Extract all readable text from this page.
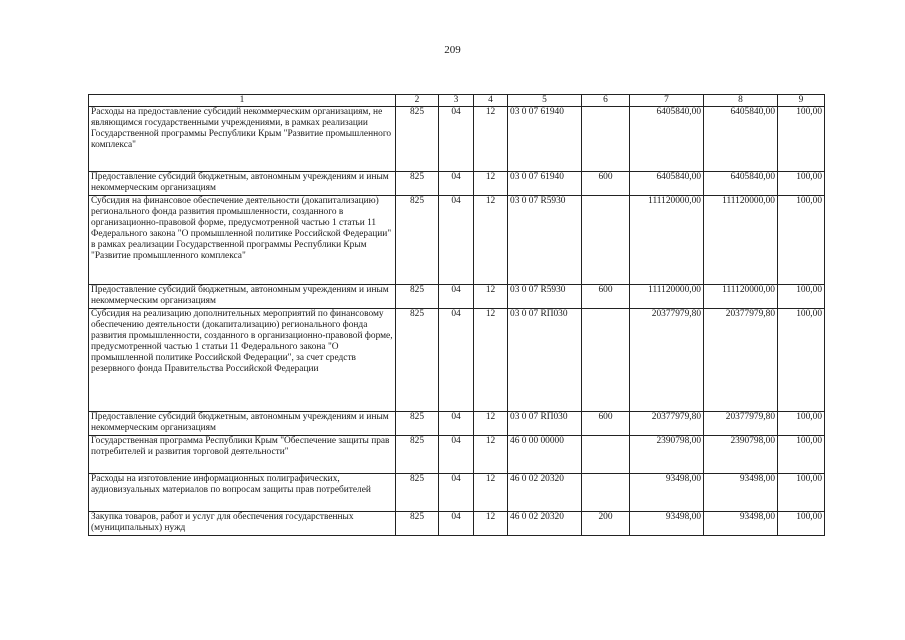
209
1	2	3	4	5	6	7	8	9
Расходы на предоставление субсидий некоммерческим организациям, не являющимся государственными учреждениями, в рамках реализации Государственной программы Республики Крым "Развитие промышленного комплекса"	825	04	12	03 0 07 61940		6405840,00	6405840,00	100,00
Предоставление субсидий бюджетным, автономным учреждениям и иным некоммерческим организациям	825	04	12	03 0 07 61940	600	6405840,00	6405840,00	100,00
Субсидия на финансовое обеспечение деятельности (докапитализацию) регионального фонда развития промышленности, созданного в организационно-правовой форме, предусмотренной частью 1 статьи 11 Федерального закона "О промышленной политике Российской Федерации" в рамках реализации Государственной программы Республики Крым "Развитие промышленного комплекса"	825	04	12	03 0 07 R5930		111120000,00	111120000,00	100,00
Предоставление субсидий бюджетным, автономным учреждениям и иным некоммерческим организациям	825	04	12	03 0 07 R5930	600	111120000,00	111120000,00	100,00
Субсидия на реализацию дополнительных мероприятий по финансовому обеспечению деятельности (докапитализацию) регионального фонда развития промышленности, созданного в организационно-правовой форме, предусмотренной частью 1 статьи 11 Федерального закона "О промышленной политике Российской Федерации", за счет средств резервного фонда Правительства Российской Федерации	825	04	12	03 0 07 RП030		20377979,80	20377979,80	100,00
Предоставление субсидий бюджетным, автономным учреждениям и иным некоммерческим организациям	825	04	12	03 0 07 RП030	600	20377979,80	20377979,80	100,00
Государственная программа Республики Крым "Обеспечение защиты прав потребителей и развития торговой деятельности"	825	04	12	46 0 00 00000		2390798,00	2390798,00	100,00
Расходы на изготовление информационных полиграфических, аудиовизуальных материалов по вопросам защиты прав потребителей	825	04	12	46 0 02 20320		93498,00	93498,00	100,00
Закупка товаров, работ и услуг для обеспечения государственных (муниципальных) нужд	825	04	12	46 0 02 20320	200	93498,00	93498,00	100,00
